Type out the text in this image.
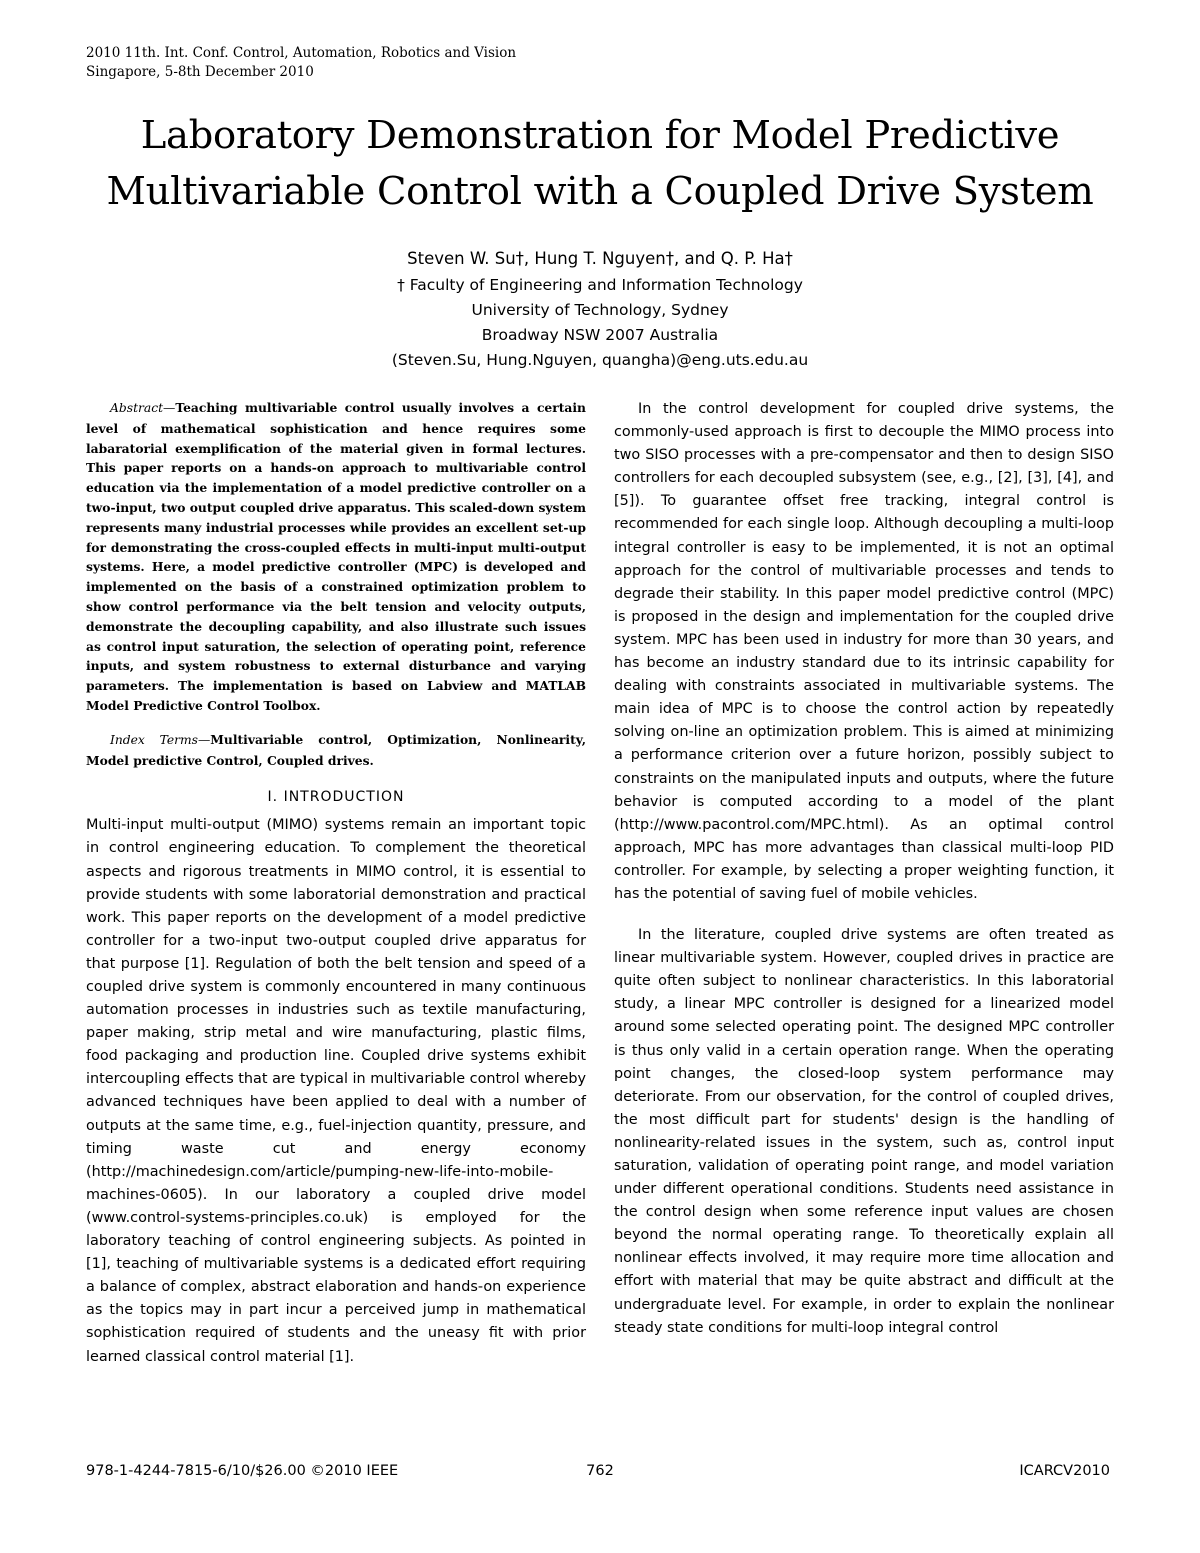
2010 11th. Int. Conf. Control, Automation, Robotics and Vision
Singapore, 5-8th December 2010
Laboratory Demonstration for Model Predictive
Multivariable Control with a Coupled Drive System
Steven W. Su†, Hung T. Nguyen†, and Q. P. Ha†
† Faculty of Engineering and Information Technology
University of Technology, Sydney
Broadway NSW 2007 Australia
(Steven.Su, Hung.Nguyen, quangha)@eng.uts.edu.au

Abstract—Teaching multivariable control usually involves a certain level of mathematical sophistication and hence requires some labaratorial exemplification of the material given in formal lectures. This paper reports on a hands-on approach to multivariable control education via the implementation of a model predictive controller on a two-input, two output coupled drive apparatus. This scaled-down system represents many industrial processes while provides an excellent set-up for demonstrating the cross-coupled effects in multi-input multi-output systems. Here, a model predictive controller (MPC) is developed and implemented on the basis of a constrained optimization problem to show control performance via the belt tension and velocity outputs, demonstrate the decoupling capability, and also illustrate such issues as control input saturation, the selection of operating point, reference inputs, and system robustness to external disturbance and varying parameters. The implementation is based on Labview and MATLAB Model Predictive Control Toolbox.

Index Terms—Multivariable control, Optimization, Nonlinearity, Model predictive Control, Coupled drives.

I. INTRODUCTION

Multi-input multi-output (MIMO) systems remain an important topic in control engineering education. To complement the theoretical aspects and rigorous treatments in MIMO control, it is essential to provide students with some laboratorial demonstration and practical work. This paper reports on the development of a model predictive controller for a two-input two-output coupled drive apparatus for that purpose [1]. Regulation of both the belt tension and speed of a coupled drive system is commonly encountered in many continuous automation processes in industries such as textile manufacturing, paper making, strip metal and wire manufacturing, plastic films, food packaging and production line. Coupled drive systems exhibit intercoupling effects that are typical in multivariable control whereby advanced techniques have been applied to deal with a number of outputs at the same time, e.g., fuel-injection quantity, pressure, and timing waste cut and energy economy (http://machinedesign.com/article/pumping-new-life-into-mobile-machines-0605). In our laboratory a coupled drive model (www.control-systems-principles.co.uk) is employed for the laboratory teaching of control engineering subjects. As pointed in [1], teaching of multivariable systems is a dedicated effort requiring a balance of complex, abstract elaboration and hands-on experience as the topics may in part incur a perceived jump in mathematical sophistication required of students and the uneasy fit with prior learned classical control material [1].

In the control development for coupled drive systems, the commonly-used approach is first to decouple the MIMO process into two SISO processes with a pre-compensator and then to design SISO controllers for each decoupled subsystem (see, e.g., [2], [3], [4], and [5]). To guarantee offset free tracking, integral control is recommended for each single loop. Although decoupling a multi-loop integral controller is easy to be implemented, it is not an optimal approach for the control of multivariable processes and tends to degrade their stability. In this paper model predictive control (MPC) is proposed in the design and implementation for the coupled drive system. MPC has been used in industry for more than 30 years, and has become an industry standard due to its intrinsic capability for dealing with constraints associated in multivariable systems. The main idea of MPC is to choose the control action by repeatedly solving on-line an optimization problem. This is aimed at minimizing a performance criterion over a future horizon, possibly subject to constraints on the manipulated inputs and outputs, where the future behavior is computed according to a model of the plant (http://www.pacontrol.com/MPC.html). As an optimal control approach, MPC has more advantages than classical multi-loop PID controller. For example, by selecting a proper weighting function, it has the potential of saving fuel of mobile vehicles.

In the literature, coupled drive systems are often treated as linear multivariable system. However, coupled drives in practice are quite often subject to nonlinear characteristics. In this laboratorial study, a linear MPC controller is designed for a linearized model around some selected operating point. The designed MPC controller is thus only valid in a certain operation range. When the operating point changes, the closed-loop system performance may deteriorate. From our observation, for the control of coupled drives, the most difficult part for students' design is the handling of nonlinearity-related issues in the system, such as, control input saturation, validation of operating point range, and model variation under different operational conditions. Students need assistance in the control design when some reference input values are chosen beyond the normal operating range. To theoretically explain all nonlinear effects involved, it may require more time allocation and effort with material that may be quite abstract and difficult at the undergraduate level. For example, in order to explain the nonlinear steady state conditions for multi-loop integral control

978-1-4244-7815-6/10/$26.00 ©2010 IEEE	762	ICARCV2010
